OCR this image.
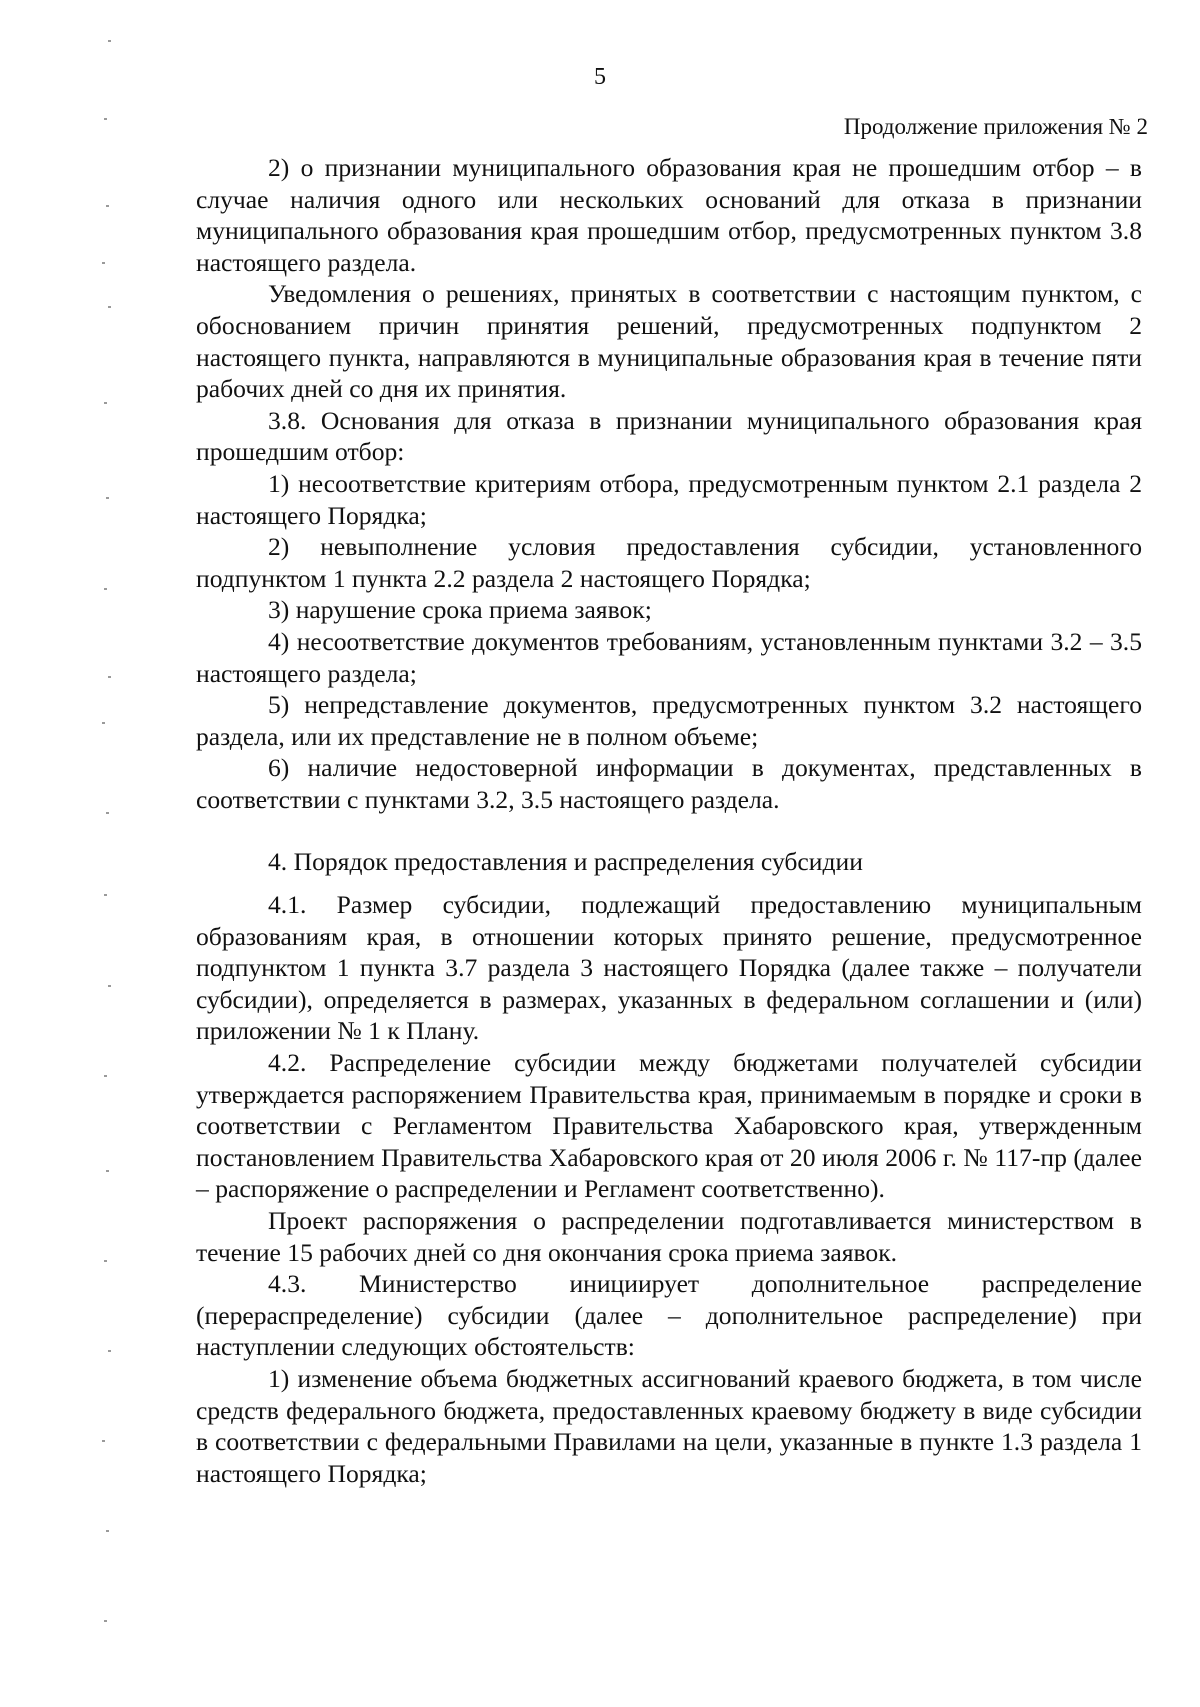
5
Продолжение приложения № 2

2) о признании муниципального образования края не прошедшим отбор – в случае наличия одного или нескольких оснований для отказа в признании муниципального образования края прошедшим отбор, предусмотренных пунктом 3.8 настоящего раздела.

Уведомления о решениях, принятых в соответствии с настоящим пунктом, с обоснованием причин принятия решений, предусмотренных подпунктом 2 настоящего пункта, направляются в муниципальные образования края в течение пяти рабочих дней со дня их принятия.

3.8. Основания для отказа в признании муниципального образования края прошедшим отбор:

1) несоответствие критериям отбора, предусмотренным пунктом 2.1 раздела 2 настоящего Порядка;

2) невыполнение условия предоставления субсидии, установленного подпунктом 1 пункта 2.2 раздела 2 настоящего Порядка;

3) нарушение срока приема заявок;

4) несоответствие документов требованиям, установленным пунктами 3.2 – 3.5 настоящего раздела;

5) непредставление документов, предусмотренных пунктом 3.2 настоящего раздела, или их представление не в полном объеме;

6) наличие недостоверной информации в документах, представленных в соответствии с пунктами 3.2, 3.5 настоящего раздела.

4. Порядок предоставления и распределения субсидии

4.1. Размер субсидии, подлежащий предоставлению муниципальным образованиям края, в отношении которых принято решение, предусмотренное подпунктом 1 пункта 3.7 раздела 3 настоящего Порядка (далее также – получатели субсидии), определяется в размерах, указанных в федеральном соглашении и (или) приложении № 1 к Плану.

4.2. Распределение субсидии между бюджетами получателей субсидии утверждается распоряжением Правительства края, принимаемым в порядке и сроки в соответствии с Регламентом Правительства Хабаровского края, утвержденным постановлением Правительства Хабаровского края от 20 июля 2006 г. № 117-пр (далее – распоряжение о распределении и Регламент соответственно).

Проект распоряжения о распределении подготавливается министерством в течение 15 рабочих дней со дня окончания срока приема заявок.

4.3. Министерство инициирует дополнительное распределение (перераспределение) субсидии (далее – дополнительное распределение) при наступлении следующих обстоятельств:

1) изменение объема бюджетных ассигнований краевого бюджета, в том числе средств федерального бюджета, предоставленных краевому бюджету в виде субсидии в соответствии с федеральными Правилами на цели, указанные в пункте 1.3 раздела 1 настоящего Порядка;
